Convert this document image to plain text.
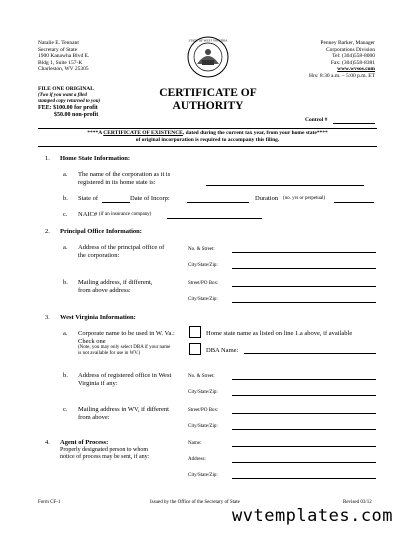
Natalie E. Tennant
Secretary of State
1900 Kanawha Blvd E.
Bldg 1, Suite 157-K
Charleston, WV 25305
STATE OF WEST VIRGINIA	Penney Barker, Manager
Corporations Division
Tel: (304)558-8000
Fax: (304)558-8381
www.wvsos.com
Hrs: 8:30 a.m. – 5:00 p.m. ET
FILE ONE ORIGINAL
(Two if you want a filed
stamped copy returned to you)
FEE: $100.00 for profit
$50.00 non-profit
CERTIFICATE OF
AUTHORITY
Control #
****A CERTIFICATE OF EXISTENCE, dated during the current tax year, from your home state****
of original incorporation is required to accompany this filing.
1. Home State Information:
a. The name of the corporation as it is
registered in its home state is:
b. State of	Date of Incorp:	Duration (no. yrs or perpetual)
c. NAIC# (if an insurance company)
2. Principal Office Information:
a. Address of the principal office of
the corporation:
No. & Street:
City/State/Zip:
b. Mailing address, if different,
from above address:
Street/PO Box:
City/State/Zip:
3. West Virginia Information:
a. Corporate name to be used in W. Va.:
Check one
(Note, you may only select DBA if your name
is not available for use in WV.)
Home state name as listed on line 1.a above, if available
DBA Name:
b. Address of registered office in West
Virginia if any:
No. & Street:
City/State/Zip:
c. Mailing address in WV, if different
from above:
Street/PO Box:
City/State/Zip:
4. Agent of Process:
Properly designated person to whom
notice of process may be sent, if any:
Name:
Address:
City/State/Zip:
Form CF-1	Issued by the Office of the Secretary of State	Revised 03/12
wvtemplates.com
